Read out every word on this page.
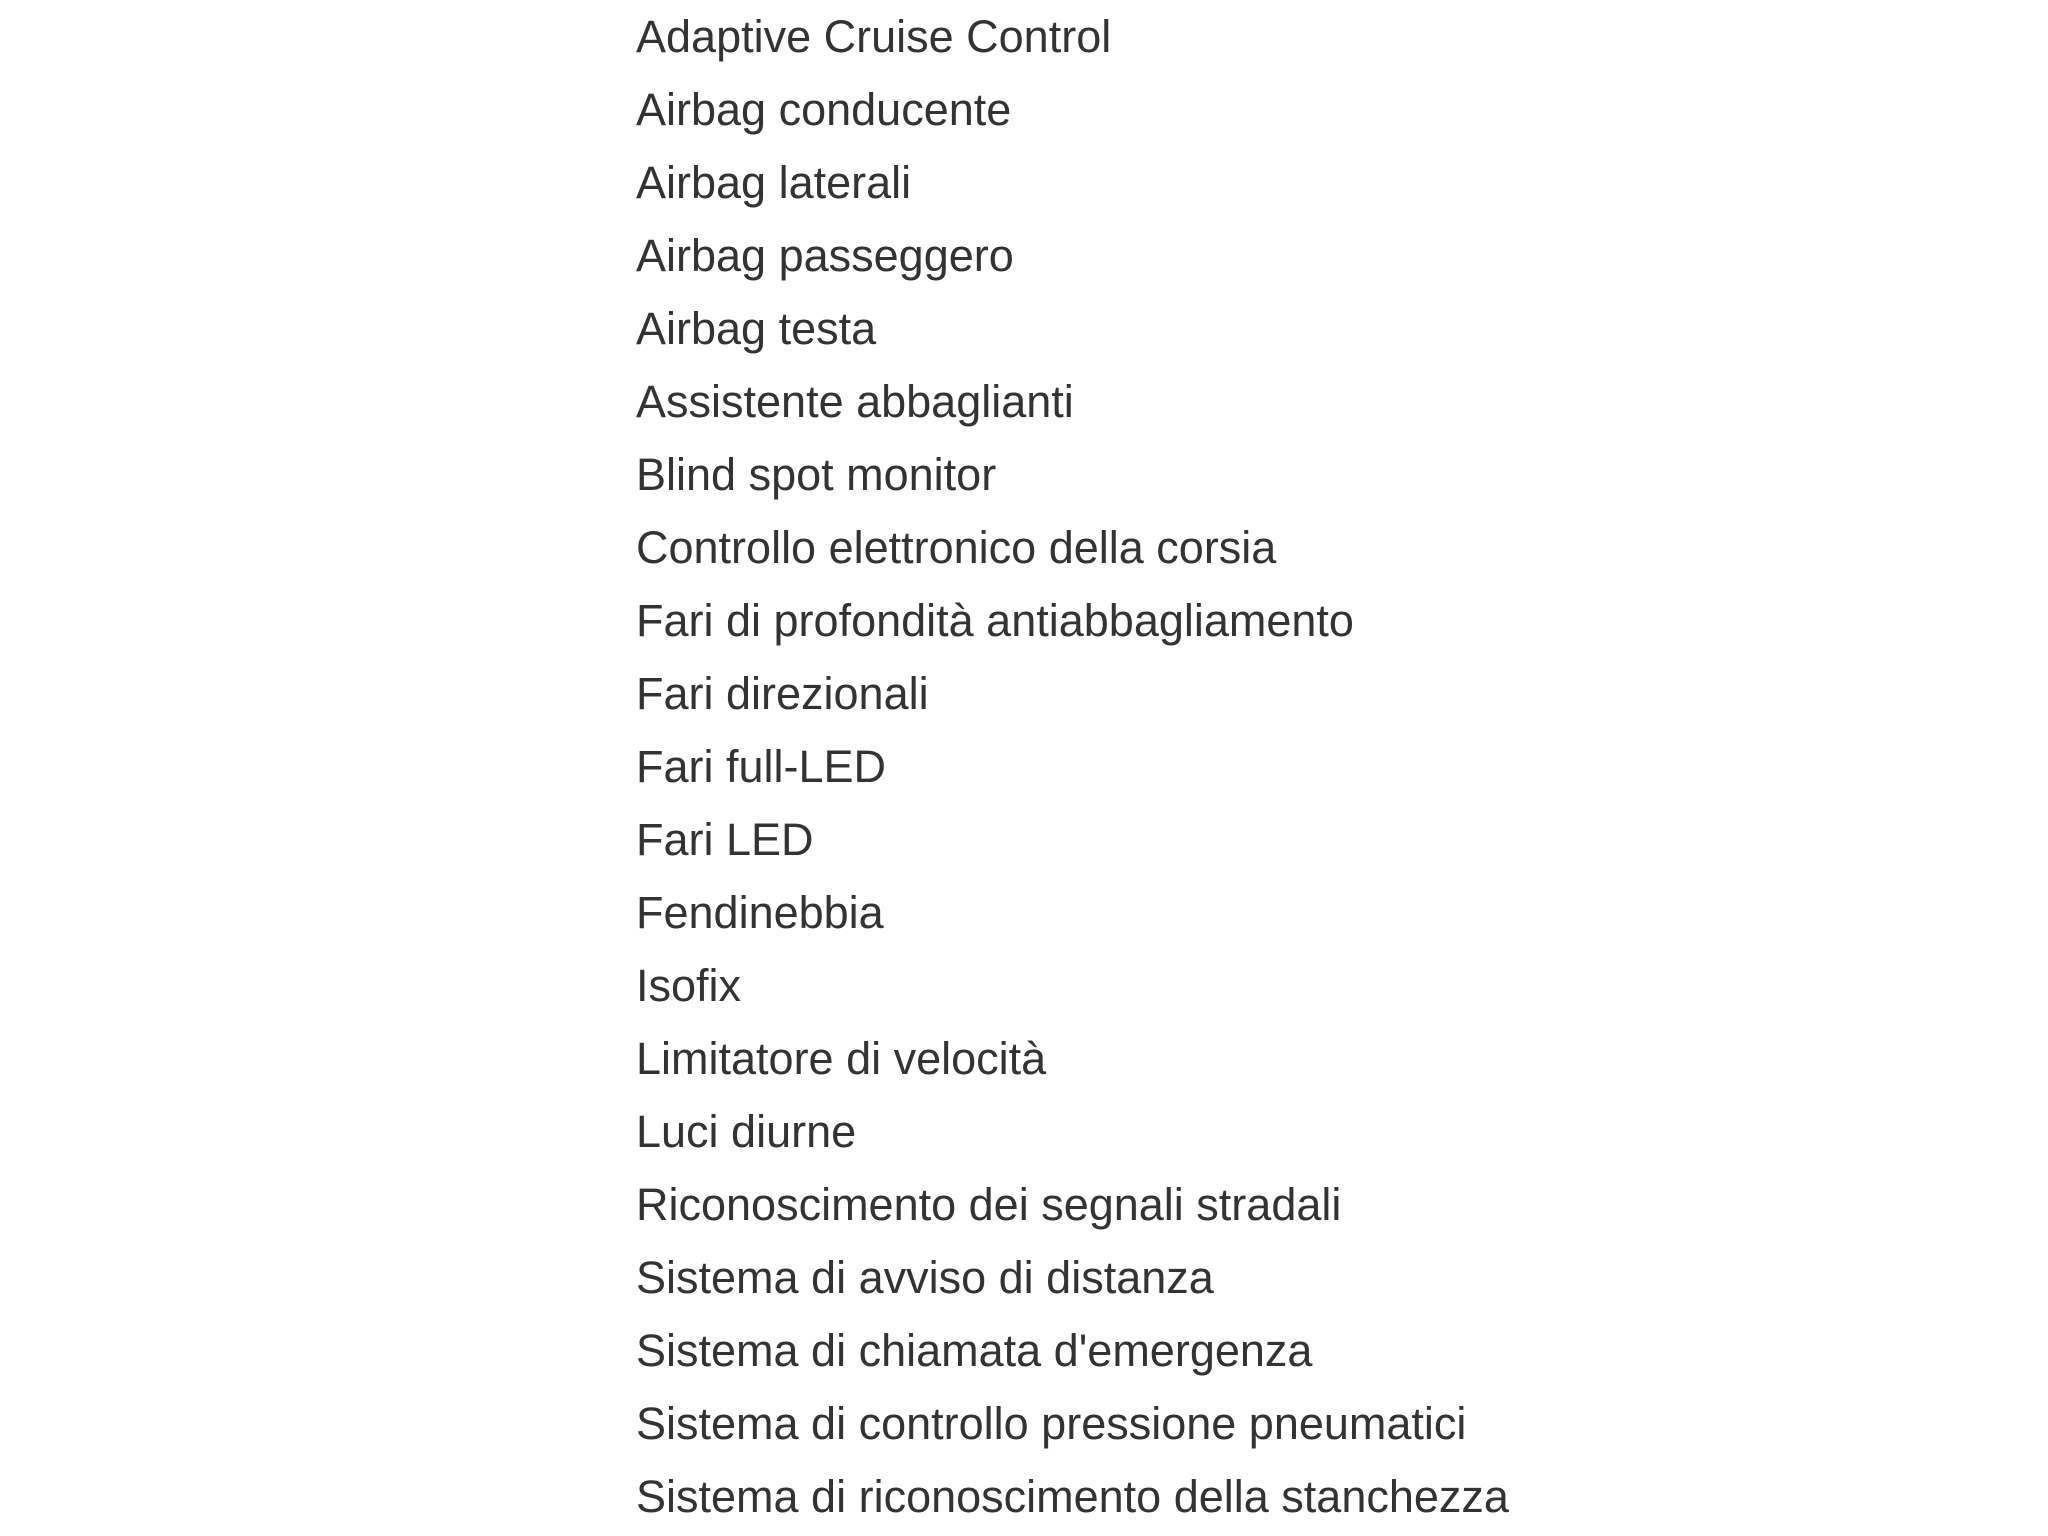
Adaptive Cruise Control
Airbag conducente
Airbag laterali
Airbag passeggero
Airbag testa
Assistente abbaglianti
Blind spot monitor
Controllo elettronico della corsia
Fari di profondità antiabbagliamento
Fari direzionali
Fari full-LED
Fari LED
Fendinebbia
Isofix
Limitatore di velocità
Luci diurne
Riconoscimento dei segnali stradali
Sistema di avviso di distanza
Sistema di chiamata d'emergenza
Sistema di controllo pressione pneumatici
Sistema di riconoscimento della stanchezza
